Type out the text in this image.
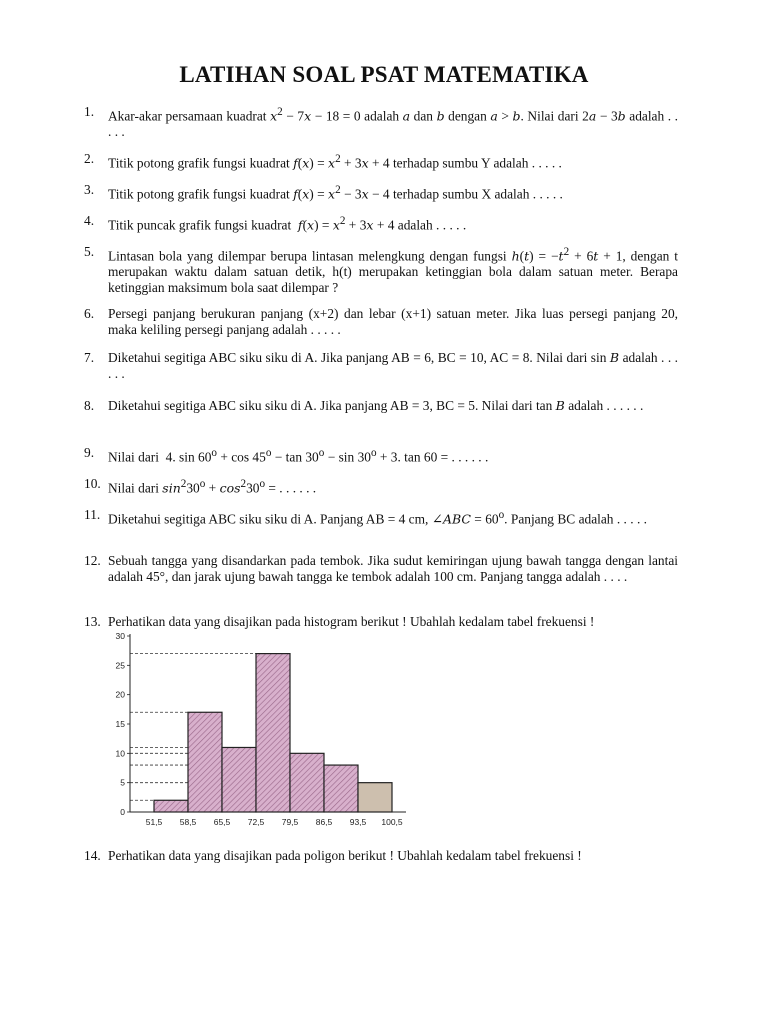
LATIHAN SOAL PSAT MATEMATIKA
1. Akar-akar persamaan kuadrat $x^2 - 7x - 18 = 0$ adalah a dan b dengan a > b. Nilai dari 2a − 3b adalah . . . . .
2. Titik potong grafik fungsi kuadrat $f(x) = x^2 + 3x + 4$ terhadap sumbu Y adalah . . . . .
3. Titik potong grafik fungsi kuadrat $f(x) = x^2 - 3x - 4$ terhadap sumbu X adalah . . . . .
4. Titik puncak grafik fungsi kuadrat  $f(x) = x^2 + 3x + 4$ adalah . . . . .
5. Lintasan bola yang dilempar berupa lintasan melengkung dengan fungsi $h(t) = -t^2 + 6t + 1$, dengan t merupakan waktu dalam satuan detik, h(t) merupakan ketinggian bola dalam satuan meter. Berapa ketinggian maksimum bola saat dilempar ?
6. Persegi panjang berukuran panjang (x+2) dan lebar (x+1) satuan meter. Jika luas persegi panjang 20, maka keliling persegi panjang adalah . . . . .
7. Diketahui segitiga ABC siku siku di A. Jika panjang AB = 6, BC = 10, AC = 8. Nilai dari sin B adalah . . . . . .
8. Diketahui segitiga ABC siku siku di A. Jika panjang AB = 3, BC = 5. Nilai dari tan B adalah . . . . . .
9. Nilai dari  4. $\sin 60^o + \cos 45^o - \tan 30^o - \sin 30^o + 3$. tan 60 = . . . . . .
10. Nilai dari $\sin^230^o + \cos^230^o$ = . . . . . .
11. Diketahui segitiga ABC siku siku di A. Panjang AB = 4 cm, ∠ABC = $60^o$. Panjang BC adalah . . . . .
12. Sebuah tangga yang disandarkan pada tembok. Jika sudut kemiringan ujung bawah tangga dengan lantai adalah 45°, dan jarak ujung bawah tangga ke tembok adalah 100 cm. Panjang tangga adalah . . . .
13. Perhatikan data yang disajikan pada histogram berikut ! Ubahlah kedalam tabel frekuensi !
0
5
10
15
20
25
30
51,5 58,5 65,5 72,5 79,5 86,5 93,5 100,5
14. Perhatikan data yang disajikan pada poligon berikut ! Ubahlah kedalam tabel frekuensi !
